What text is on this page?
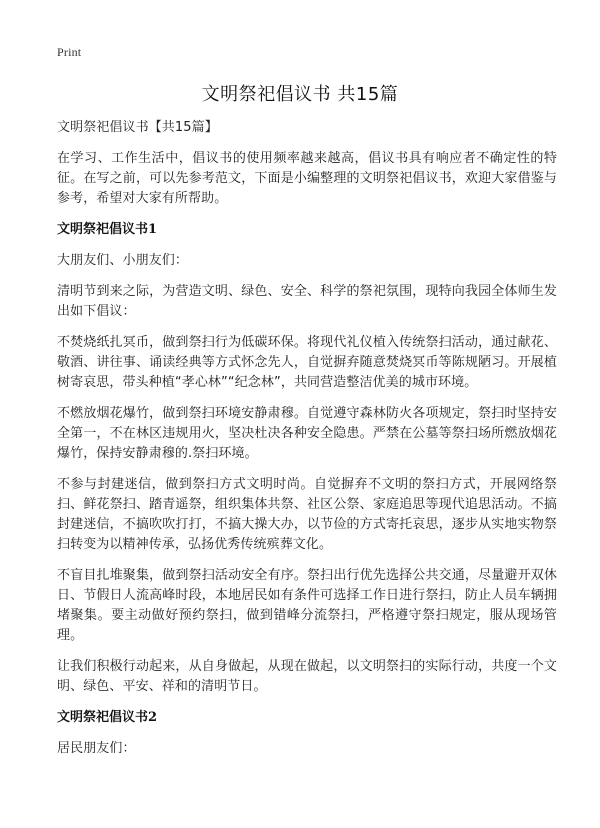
Print
文明祭祀倡议书 共15篇

文明祭祀倡议书【共15篇】

在学习、工作生活中，倡议书的使用频率越来越高，倡议书具有响应者不确定性的特征。在写之前，可以先参考范文，下面是小编整理的文明祭祀倡议书，欢迎大家借鉴与参考，希望对大家有所帮助。

文明祭祀倡议书1

大朋友们、小朋友们：

清明节到来之际，为营造文明、绿色、安全、科学的祭祀氛围，现特向我园全体师生发出如下倡议：

不焚烧纸扎冥币，做到祭扫行为低碳环保。将现代礼仪植入传统祭扫活动，通过献花、敬酒、讲往事、诵读经典等方式怀念先人，自觉摒弃随意焚烧冥币等陈规陋习。开展植树寄哀思，带头种植“孝心林”“纪念林”，共同营造整洁优美的城市环境。

不燃放烟花爆竹，做到祭扫环境安静肃穆。自觉遵守森林防火各项规定，祭扫时坚持安全第一，不在林区违规用火，坚决杜决各种安全隐患。严禁在公墓等祭扫场所燃放烟花爆竹，保持安静肃穆的.祭扫环境。

不参与封建迷信，做到祭扫方式文明时尚。自觉摒弃不文明的祭扫方式，开展网络祭扫、鲜花祭扫、踏青遥祭，组织集体共祭、社区公祭、家庭追思等现代追思活动。不搞封建迷信，不搞吹吹打打，不搞大操大办，以节俭的方式寄托哀思，逐步从实地实物祭扫转变为以精神传承，弘扬优秀传统殡葬文化。

不盲目扎堆聚集，做到祭扫活动安全有序。祭扫出行优先选择公共交通，尽量避开双休日、节假日人流高峰时段，本地居民如有条件可选择工作日进行祭扫，防止人员车辆拥堵聚集。要主动做好预约祭扫，做到错峰分流祭扫，严格遵守祭扫规定，服从现场管理。

让我们积极行动起来，从自身做起，从现在做起，以文明祭扫的实际行动，共度一个文明、绿色、平安、祥和的清明节日。

文明祭祀倡议书2

居民朋友们：
